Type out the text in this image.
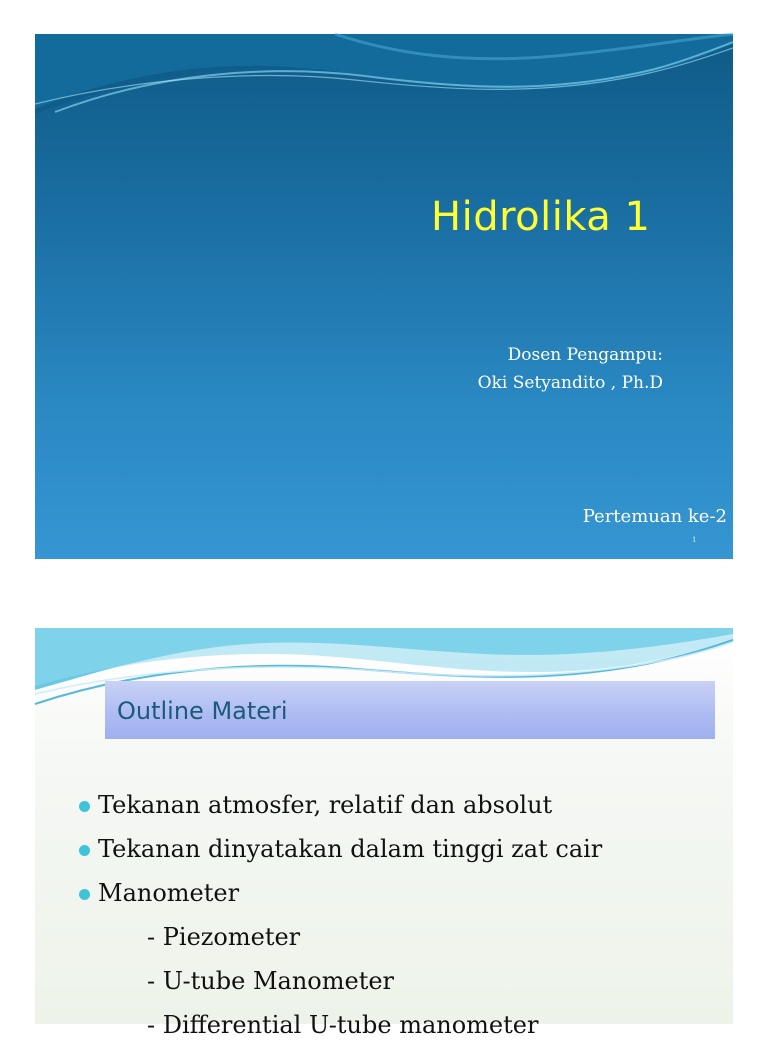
Hidrolika 1
Dosen Pengampu:
Oki Setyandito , Ph.D
Pertemuan ke-2
1
Outline Materi
Tekanan atmosfer, relatif dan absolut
Tekanan dinyatakan dalam tinggi zat cair
Manometer
- Piezometer
- U-tube Manometer
- Differential U-tube manometer
